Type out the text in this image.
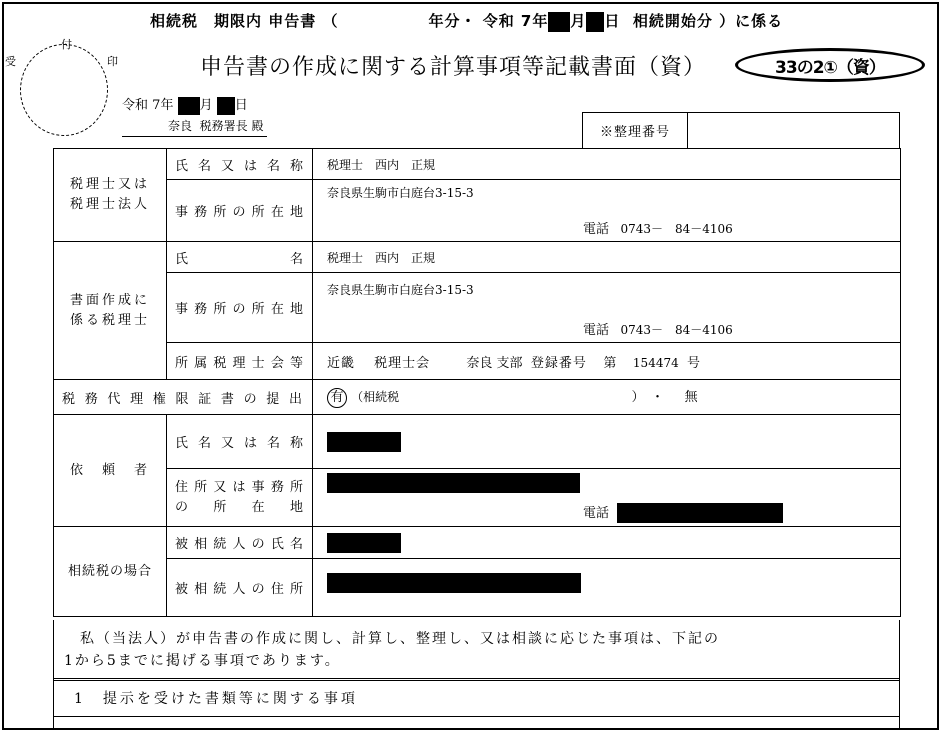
相続税　期限内 申告書 （	年分・ 令和 7年 月 日 相続開始分 ）に係る
受
付
印	申告書の作成に関する計算事項等記載書面（資）	33の2①（資）
令和 7年 月 日
奈良 税務署長 殿	※整理番号
税理士又は
税理士法人	氏名又は名称	税理士　西内　正規
	事務所の所在地	奈良県生駒市白庭台3-15-3
電話 0743－　84－4106

書面作成に
係る税理士	氏　　　名	税理士　西内　正規
	事務所の所在地	奈良県生駒市白庭台3-15-3
電話 0743－　84－4106

	所属税理士会等	近畿　 税理士会 奈良 支部 登録番号 第 154474 号
税務代理権限証書の提出		有 （相続税 ）　・ 無
依　頼　者	氏名又は名称	

	住所又は事務所
の　所　在　地	電話

相続税の場合	被相続人の氏名	
	被相続人の住所	
私（当法人）が申告書の作成に関し、計算し、整理し、又は相談に応じた事項は、下記の
1から5までに掲げる事項であります。
1　提示を受けた書類等に関する事項
